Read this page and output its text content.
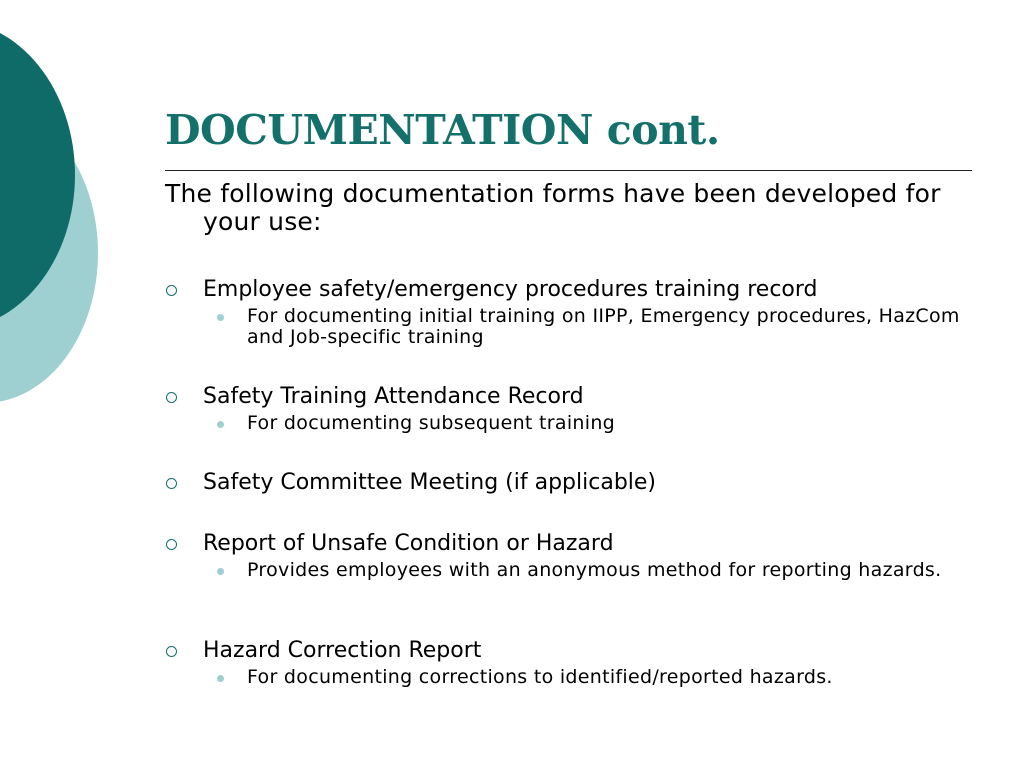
DOCUMENTATION cont.

The following documentation forms have been developed for your use:

Employee safety/emergency procedures training record
For documenting initial training on IIPP, Emergency procedures, HazCom and Job-specific training
Safety Training Attendance Record
For documenting subsequent training
Safety Committee Meeting (if applicable)
Report of Unsafe Condition or Hazard
Provides employees with an anonymous method for reporting hazards.
Hazard Correction Report
For documenting corrections to identified/reported hazards.
